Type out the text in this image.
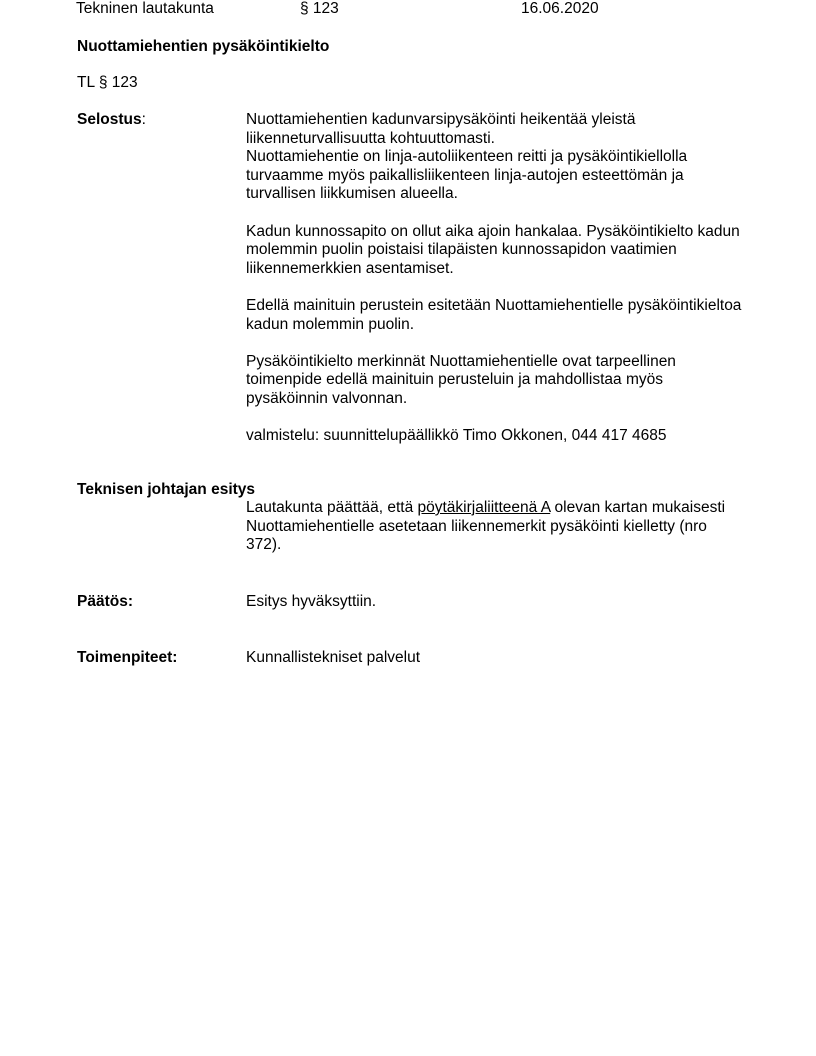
Tekninen lautakunta	§ 123	16.06.2020
Nuottamiehentien pysäköintikielto
TL § 123
Selostus:	Nuottamiehentien kadunvarsipysäköinti heikentää yleistä liikenneturvallisuutta kohtuuttomasti.

Nuottamiehentie on linja-autoliikenteen reitti ja pysäköintikiellolla turvaamme myös paikallisliikenteen linja-autojen esteettömän ja turvallisen liikkumisen alueella.

Kadun kunnossapito on ollut aika ajoin hankalaa. Pysäköintikielto kadun molemmin puolin poistaisi tilapäisten kunnossapidon vaatimien liikennemerkkien asentamiset.

Edellä mainituin perustein esitetään Nuottamiehentielle pysäköintikieltoa kadun molemmin puolin.

Pysäköintikielto merkinnät Nuottamiehentielle ovat tarpeellinen toimenpide edellä mainituin perusteluin ja mahdollistaa myös pysäköinnin valvonnan.

valmistelu: suunnittelupäällikkö Timo Okkonen, 044 417 4685

Teknisen johtajan esitys
Lautakunta päättää, että pöytäkirjaliitteenä A olevan kartan mukaisesti Nuottamiehentielle asetetaan liikennemerkit pysäköinti kielletty (nro 372).
Päätös:	Esitys hyväksyttiin.
Toimenpiteet:	Kunnallistekniset palvelut
